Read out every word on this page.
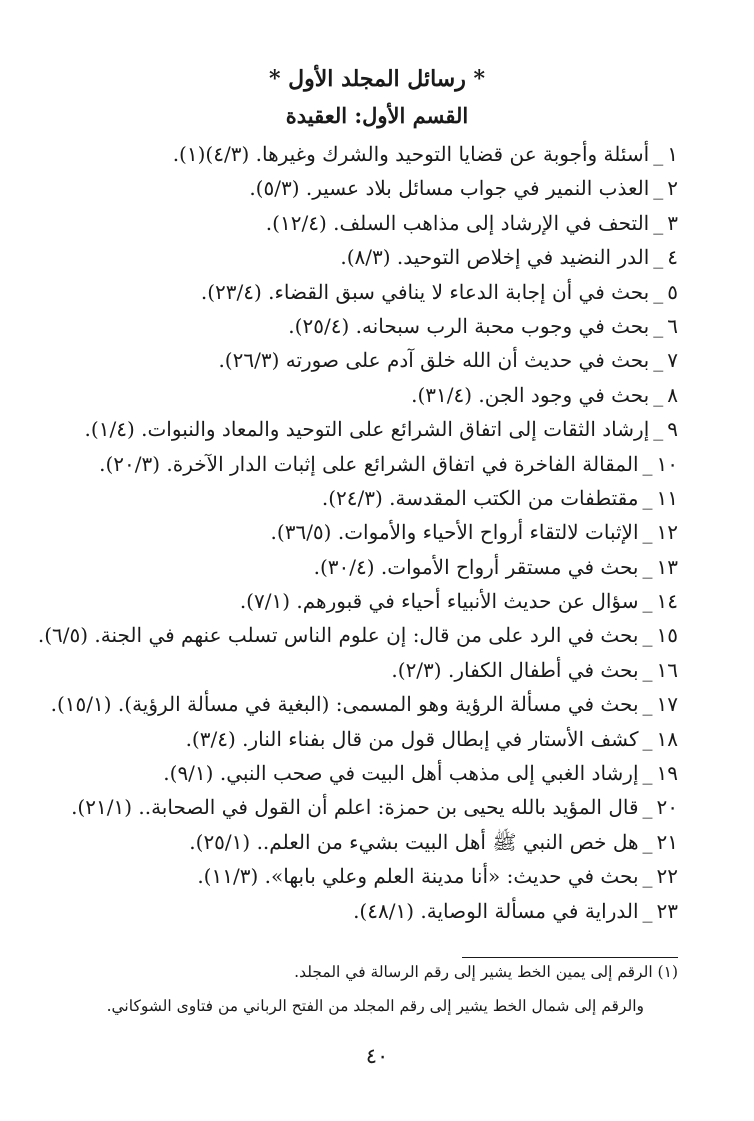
* رسائل المجلد الأول *
القسم الأول: العقيدة
١_أسئلة وأجوبة عن قضايا التوحيد والشرك وغيرها. (٤/٣)(١).
٢_العذب النمير في جواب مسائل بلاد عسير. (٥/٣).
٣_التحف في الإرشاد إلى مذاهب السلف. (١٢/٤).
٤_الدر النضيد في إخلاص التوحيد. (٨/٣).
٥_بحث في أن إجابة الدعاء لا ينافي سبق القضاء. (٢٣/٤).
٦_بحث في وجوب محبة الرب سبحانه. (٢٥/٤).
٧_بحث في حديث أن الله خلق آدم على صورته (٢٦/٣).
٨_بحث في وجود الجن. (٣١/٤).
٩_إرشاد الثقات إلى اتفاق الشرائع على التوحيد والمعاد والنبوات. (١/٤).
١٠_المقالة الفاخرة في اتفاق الشرائع على إثبات الدار الآخرة. (٢٠/٣).
١١_مقتطفات من الكتب المقدسة. (٢٤/٣).
١٢_الإثبات لالتقاء أرواح الأحياء والأموات. (٣٦/٥).
١٣_بحث في مستقر أرواح الأموات. (٣٠/٤).
١٤_سؤال عن حديث الأنبياء أحياء في قبورهم. (٧/١).
١٥_بحث في الرد على من قال: إن علوم الناس تسلب عنهم في الجنة. (٦/٥).
١٦_بحث في أطفال الكفار. (٢/٣).
١٧_بحث في مسألة الرؤية وهو المسمى: (البغية في مسألة الرؤية). (١٥/١).
١٨_كشف الأستار في إبطال قول من قال بفناء النار. (٣/٤).
١٩_إرشاد الغبي إلى مذهب أهل البيت في صحب النبي. (٩/١).
٢٠_قال المؤيد بالله يحيى بن حمزة: اعلم أن القول في الصحابة.. (٢١/١).
٢١_هل خص النبي ﷺ أهل البيت بشيء من العلم.. (٢٥/١).
٢٢_بحث في حديث: «أنا مدينة العلم وعلي بابها». (١١/٣).
٢٣_الدراية في مسألة الوصاية. (٤٨/١).
(١) الرقم إلى يمين الخط يشير إلى رقم الرسالة في المجلد.
والرقم إلى شمال الخط يشير إلى رقم المجلد من الفتح الرباني من فتاوى الشوكاني.
٤٠
